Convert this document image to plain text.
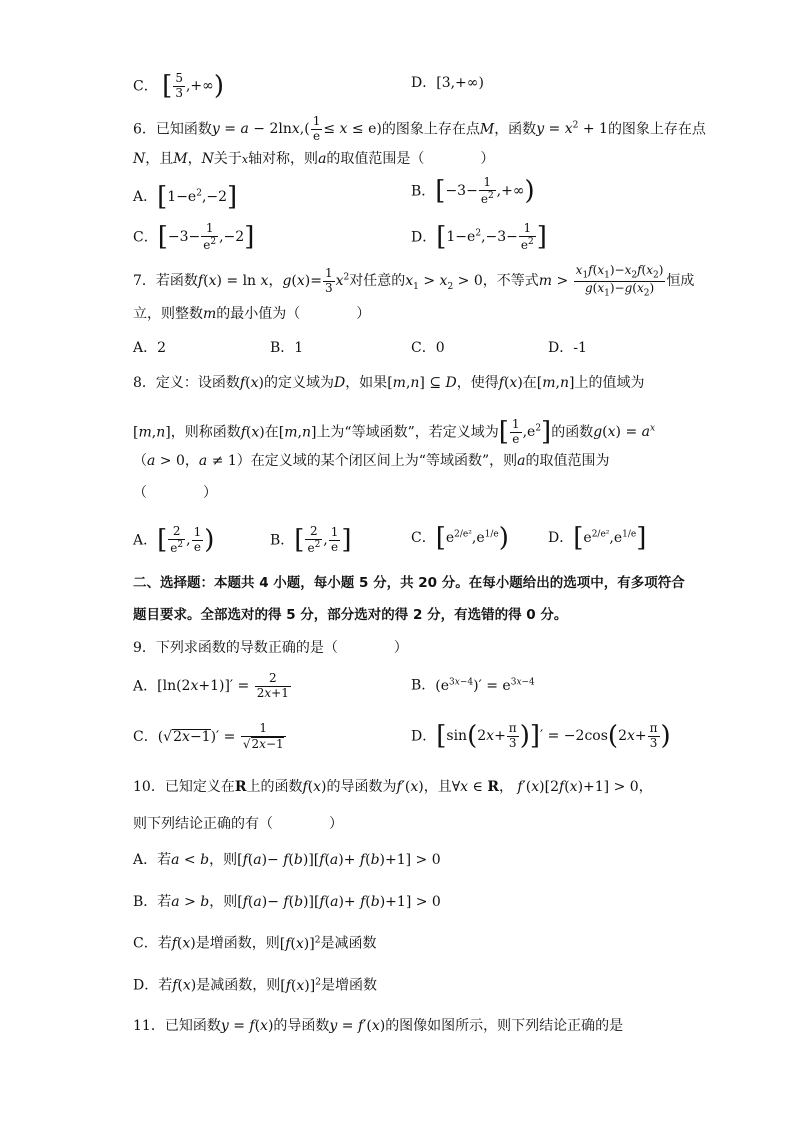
C． [ $\frac{5}{3}$ ,+∞)	D．[3,+∞)
6．已知函数$y = a - 2\ln x,( \frac{1}{e} \le x \le e)$的图象上存在点M，函数$y = x^2 + 1$的图象上存在点
N，且M，N关于x轴对称，则a的取值范围是（　　　　）
A．$[1-e^2,-2]$	B．[$-3- \frac{1}{e^2}$ ,+∞)
C．$[-3- \frac{1}{e^2} ,-2]$	D．[$1-e^2,-3- \frac{1}{e^2}$ ]
7．若函数f(x) = ln x，$g(x)= \frac{1}{3} x^2$对任意的$x_1 > x_2 > 0$，不等式$m > \frac{x_1f(x_1)-x_2f(x_2)}{g(x_1)-g(x_2)}$ 恒成
立，则整数m的最小值为（　　　　）
A．2	B．1	C．0	D．-1
8．定义：设函数f(x)的定义域为D，如果[m,n] ⊆ D，使得f(x)在[m,n]上的值域为
[m,n]，则称函数f(x)在[m,n]上为“等域函数”，若定义域为[ $\frac{1}{e} ,e^2$]的函数$g(x) = a^x$
（a > 0，a ≠ 1）在定义域的某个闭区间上为“等域函数”，则a的取值范围为
（　　　　）
A．[ $\frac{2}{e^2}$ , $\frac{1}{e}$ )	B．[ $\frac{2}{e^2}$ , $\frac{1}{e}$ ]	C．$[e^{2/e^2},e^{1/e})$	D．$[e^{2/e^2},e^{1/e}]$
二、选择题：本题共 4 小题，每小题 5 分，共 20 分。在每小题给出的选项中，有多项符合
题目要求。全部选对的得 5 分，部分选对的得 2 分，有选错的得 0 分。
9．下列求函数的导数正确的是（　　　　）
A．$[\ln(2x+1)]' = \frac{2}{2x+1}$	B．$(e^{3x-4})' = e^{3x-4}$
C．$(√2x-1)' = \frac{1}{√2x-1}$	D．[$\sin(2x+ \frac{\pi}{3}$ )]′ = $-2\cos(2x+ \frac{\pi}{3}$ )
10．已知定义在R上的函数f(x)的导函数为f′(x)，且∀x ∈ R， f′(x)[2f(x)+1] > 0，
则下列结论正确的有（　　　　）
A．若a < b，则[f(a)− f(b)][f(a)+ f(b)+1] > 0
B．若a > b，则[f(a)− f(b)][f(a)+ f(b)+1] > 0
C．若f(x)是增函数，则$[f(x)]^2$是减函数
D．若f(x)是减函数，则$[f(x)]^2$是增函数
11．已知函数y = f(x)的导函数y = f′(x)的图像如图所示，则下列结论正确的是
